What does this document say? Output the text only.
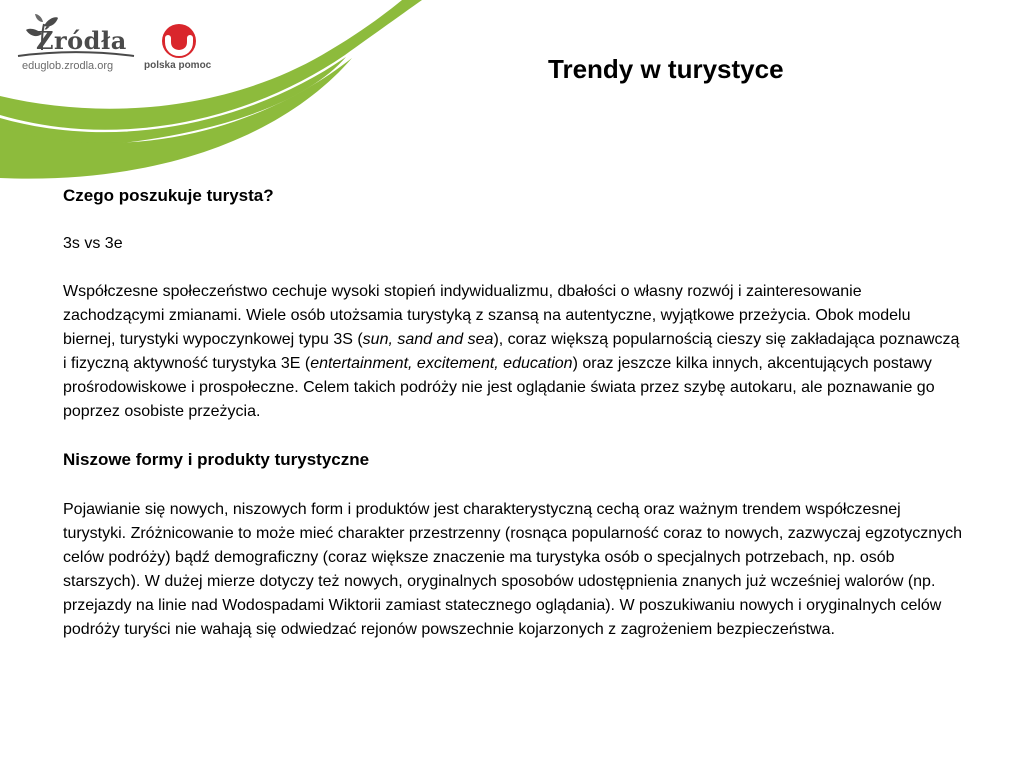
Źródła
eduglob.zrodla.org	polska pomoc	Trendy w turystyce
Czego poszukuje turysta?

3s vs 3e

Współczesne społeczeństwo cechuje wysoki stopień indywidualizmu, dbałości o własny rozwój i zainteresowanie zachodzącymi zmianami. Wiele osób utożsamia turystyką z szansą na autentyczne, wyjątkowe przeżycia. Obok modelu biernej, turystyki wypoczynkowej typu 3S (sun, sand and sea), coraz większą popularnością cieszy się zakładająca poznawczą i fizyczną aktywność turystyka 3E (entertainment, excitement, education) oraz jeszcze kilka innych, akcentujących postawy prośrodowiskowe i prospołeczne. Celem takich podróży nie jest oglądanie świata przez szybę autokaru, ale poznawanie go poprzez osobiste przeżycia.

Niszowe formy i produkty turystyczne

Pojawianie się nowych, niszowych form i produktów jest charakterystyczną cechą oraz ważnym trendem współczesnej turystyki. Zróżnicowanie to może mieć charakter przestrzenny (rosnąca popularność coraz to nowych, zazwyczaj egzotycznych celów podróży) bądź demograficzny (coraz większe znaczenie ma turystyka osób o specjalnych potrzebach, np. osób starszych). W dużej mierze dotyczy też nowych, oryginalnych sposobów udostępnienia znanych już wcześniej walorów (np. przejazdy na linie nad Wodospadami Wiktorii zamiast statecznego oglądania). W poszukiwaniu nowych i oryginalnych celów podróży turyści nie wahają się odwiedzać rejonów powszechnie kojarzonych z zagrożeniem bezpieczeństwa.
